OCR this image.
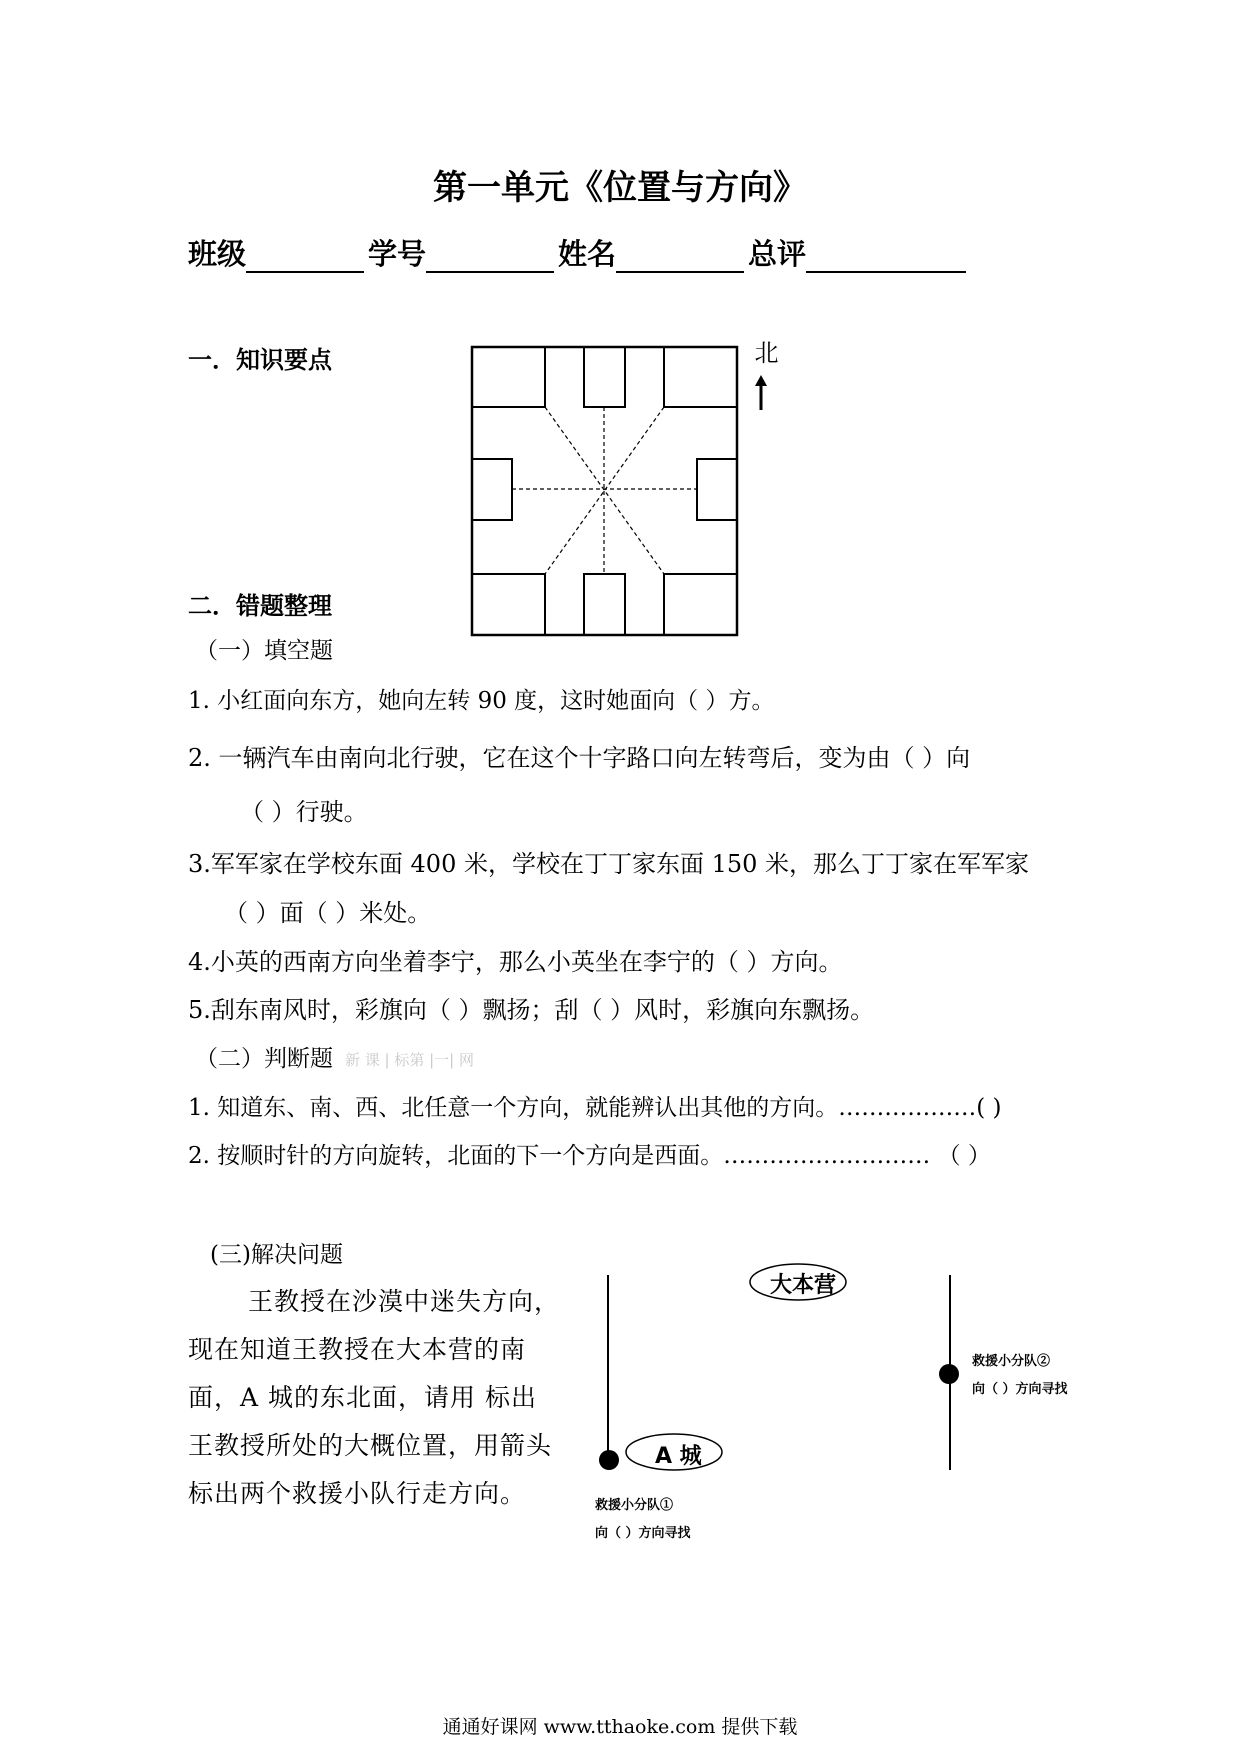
第一单元《位置与方向》
班级	学号	姓名	总评
一．知识要点	北
二．错题整理
（一）填空题
1. 小红面向东方，她向左转 90 度，这时她面向（ ）方。
2. 一辆汽车由南向北行驶，它在这个十字路口向左转弯后，变为由（ ）向
（ ）行驶。
3.军军家在学校东面 400 米，学校在丁丁家东面 150 米，那么丁丁家在军军家
（ ）面（ ）米处。
4.小英的西南方向坐着李宁，那么小英坐在李宁的（ ）方向。
5.刮东南风时，彩旗向（ ）飘扬；刮（ ）风时，彩旗向东飘扬。
（二）判断题 新 课 | 标第 |一| 网
1. 知道东、南、西、北任意一个方向，就能辨认出其他的方向。………………( )
2. 按顺时针的方向旋转，北面的下一个方向是西面。……………………… （ ）
(三)解决问题
王教授在沙漠中迷失方向，
现在知道王教授在大本营的南
面，A 城的东北面，请用 标出
王教授所处的大概位置，用箭头
标出两个救援小队行走方向。
大本营
A 城
救援小分队①
向（ ）方向寻找
救援小分队②
向（ ）方向寻找
通通好课网 www.tthaoke.com 提供下载
